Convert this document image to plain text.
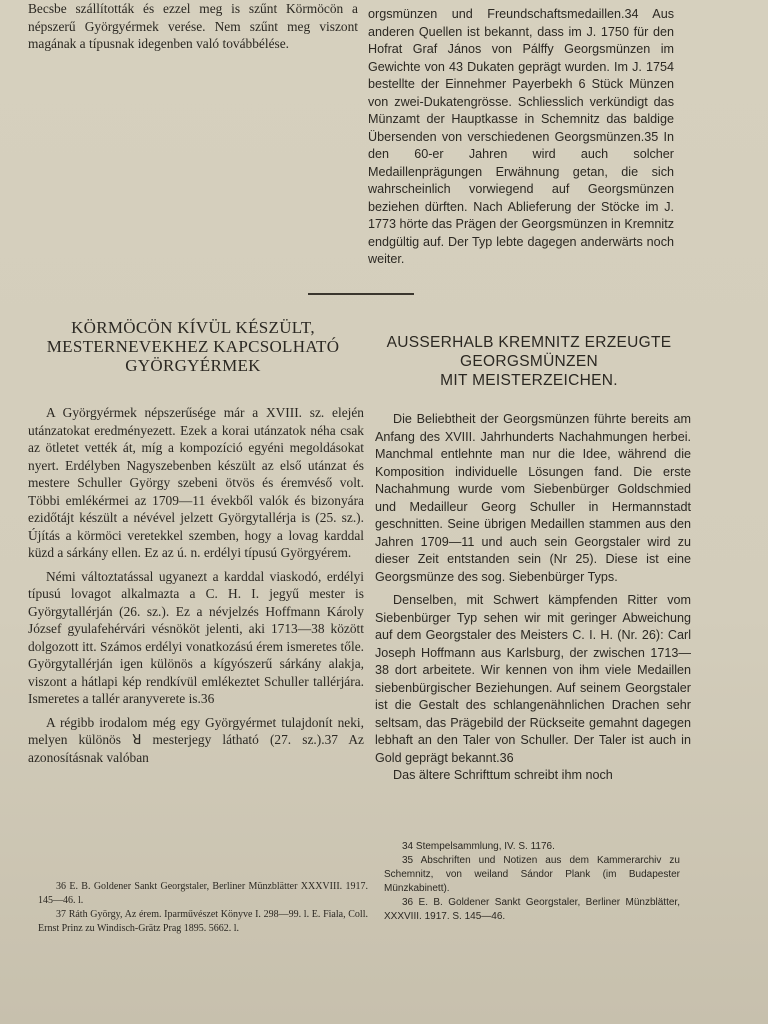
Becsbe szállították és ezzel meg is szűnt Körmöcön a népszerű Györgyérmek verése. Nem szűnt meg viszont magának a típusnak idegenben való továbbélése.

orgsmünzen und Freundschaftsmedaillen.34 Aus anderen Quellen ist bekannt, dass im J. 1750 für den Hofrat Graf János von Pálffy Georgsmünzen im Gewichte von 43 Dukaten geprägt wurden. Im J. 1754 bestellte der Einnehmer Payerbekh 6 Stück Münzen von zwei-Dukatengrösse. Schliesslich verkündigt das Münzamt der Hauptkasse in Schemnitz das baldige Übersenden von verschiedenen Georgsmünzen.35 In den 60-er Jahren wird auch solcher Medaillenprägungen Erwähnung getan, die sich wahrscheinlich vorwiegend auf Georgsmünzen beziehen dürften. Nach Ablieferung der Stöcke im J. 1773 hörte das Prägen der Georgsmünzen in Kremnitz endgültig auf. Der Typ lebte dagegen anderwärts noch weiter.

KÖRMÖCÖN KÍVÜL KÉSZÜLT,
MESTERNEVEKHEZ KAPCSOLHATÓ
GYÖRGYÉRMEK
AUSSERHALB KREMNITZ ERZEUGTE
GEORGSMÜNZEN
MIT MEISTERZEICHEN.

A Györgyérmek népszerűsége már a XVIII. sz. elején utánzatokat eredményezett. Ezek a korai utánzatok néha csak az ötletet vették át, míg a kompozíció egyéni megoldásokat nyert. Erdélyben Nagyszebenben készült az első utánzat és mestere Schuller György szebeni ötvös és éremvéső volt. Többi emlékérmei az 1709—11 évekből valók és bizonyára ezidőtájt készült a névével jelzett Györgytallérja is (25. sz.). Újítás a körmöci veretekkel szemben, hogy a lovag karddal küzd a sárkány ellen. Ez az ú. n. erdélyi típusú Györgyérem.

Némi változtatással ugyanezt a karddal viaskodó, erdélyi típusú lovagot alkalmazta a C. H. I. jegyű mester is Györgytallérján (26. sz.). Ez a névjelzés Hoffmann Károly József gyulafehérvári vésnököt jelenti, aki 1713—38 között dolgozott itt. Számos erdélyi vonatkozású érem ismeretes tőle. Györgytallérján igen különös a kígyószerű sárkány alakja, viszont a hátlapi kép rendkívül emlékeztet Schuller tallérjára. Ismeretes a tallér aranyverete is.36

A régibb irodalom még egy Györgyérmet tulajdonít neki, melyen különös ꓤ mesterjegy látható (27. sz.).37 Az azonosításnak valóban

Die Beliebtheit der Georgsmünzen führte bereits am Anfang des XVIII. Jahrhunderts Nachahmungen herbei. Manchmal entlehnte man nur die Idee, während die Komposition individuelle Lösungen fand. Die erste Nachahmung wurde vom Siebenbürger Goldschmied und Medailleur Georg Schuller in Hermannstadt geschnitten. Seine übrigen Medaillen stammen aus den Jahren 1709—11 und auch sein Georgstaler wird zu dieser Zeit entstanden sein (Nr 25). Diese ist eine Georgsmünze des sog. Siebenbürger Typs.

Denselben, mit Schwert kämpfenden Ritter vom Siebenbürger Typ sehen wir mit geringer Abweichung auf dem Georgstaler des Meisters C. I. H. (Nr. 26): Carl Joseph Hoffmann aus Karlsburg, der zwischen 1713—38 dort arbeitete. Wir kennen von ihm viele Medaillen siebenbürgischer Beziehungen. Auf seinem Georgstaler ist die Gestalt des schlangenähnlichen Drachen sehr seltsam, das Prägebild der Rückseite gemahnt dagegen lebhaft an den Taler von Schuller. Der Taler ist auch in Gold geprägt bekannt.36

Das ältere Schrifttum schreibt ihm noch

36 E. B. Goldener Sankt Georgstaler, Berliner Münzblätter XXXVIII. 1917. 145—46. l.

37 Ráth György, Az érem. Iparművészet Könyve I. 298—99. l. E. Fiala, Coll. Ernst Prinz zu Windisch-Grätz Prag 1895. 5662. l.

34 Stempelsammlung, IV. S. 1176.

35 Abschriften und Notizen aus dem Kammerarchiv zu Schemnitz, von weiland Sándor Plank (im Budapester Münzkabinett).

36 E. B. Goldener Sankt Georgstaler, Berliner Münzblätter, XXXVIII. 1917. S. 145—46.
